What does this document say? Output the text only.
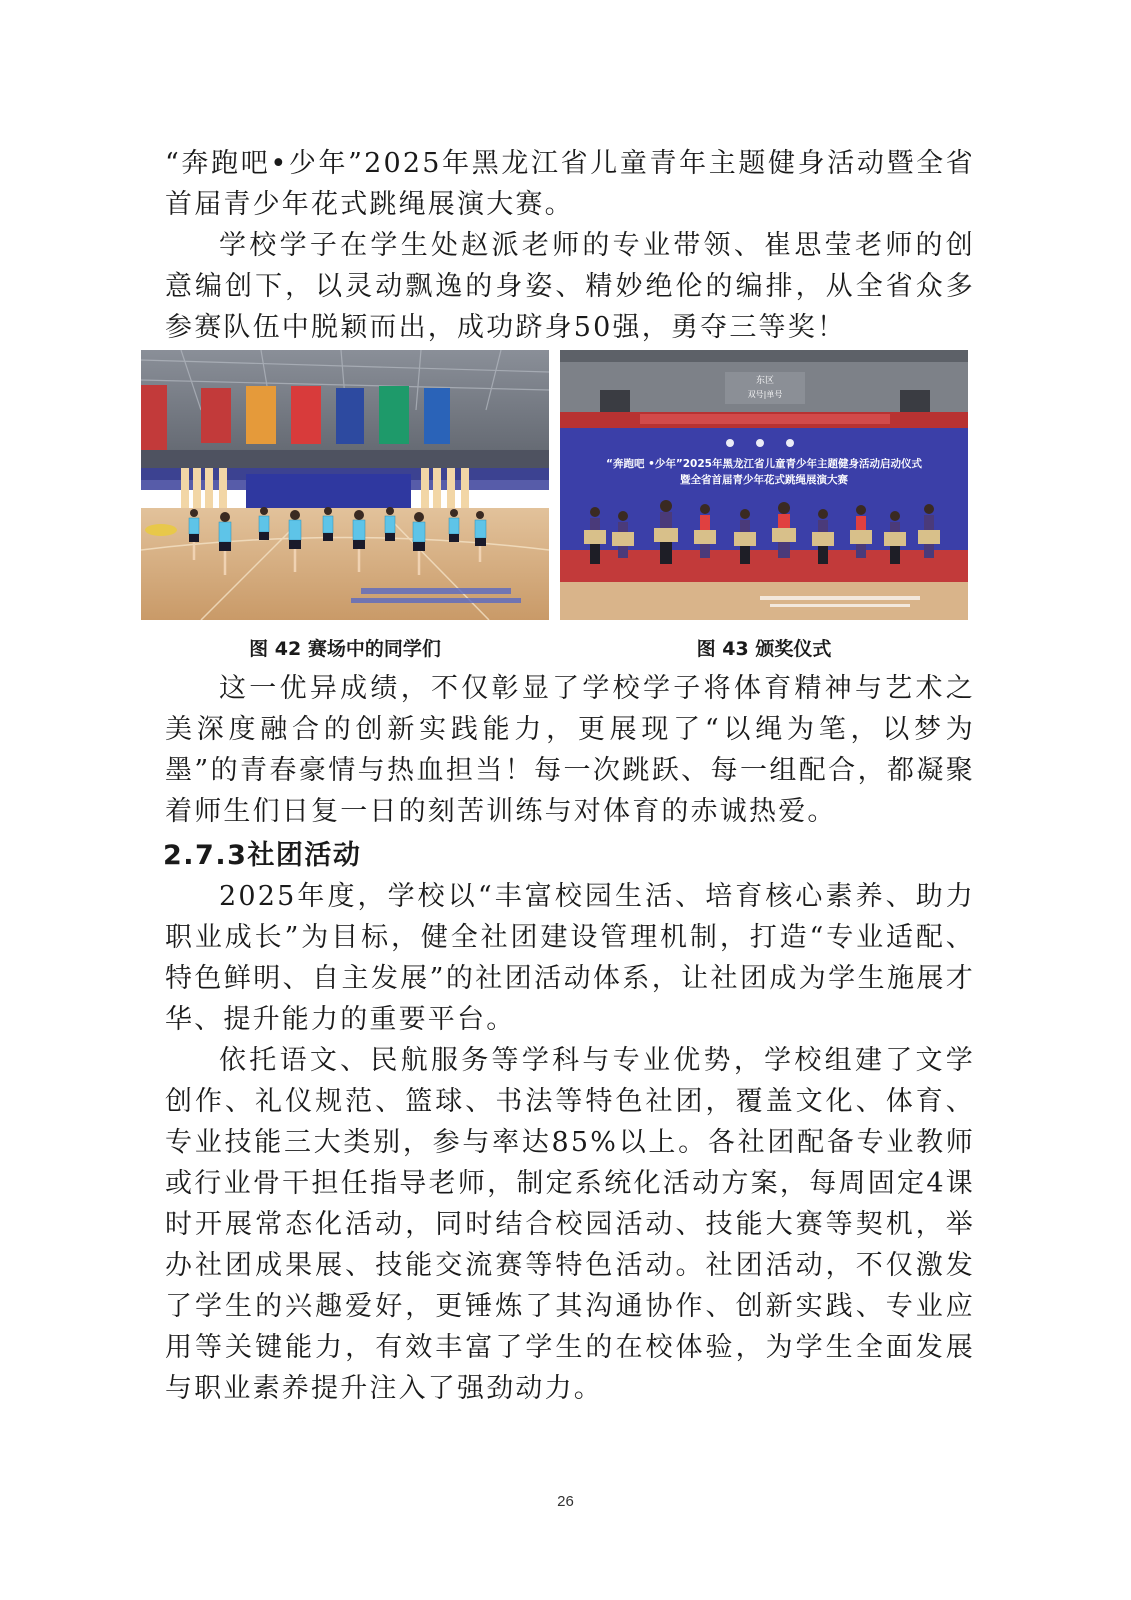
“奔跑吧•少年”2025年黑龙江省儿童青年主题健身活动暨全省首届青少年花式跳绳展演大赛。

学校学子在学生处赵派老师的专业带领、崔思莹老师的创意编创下，以灵动飘逸的身姿、精妙绝伦的编排，从全省众多参赛队伍中脱颖而出，成功跻身50强，勇夺三等奖！

东区
双号|单号
“奔跑吧 •少年”2025年黑龙江省儿童青少年主题健身活动启动仪式
暨全省首届青少年花式跳绳展演大赛
图 42 赛场中的同学们	图 43 颁奖仪式

这一优异成绩，不仅彰显了学校学子将体育精神与艺术之美深度融合的创新实践能力，更展现了“以绳为笔，以梦为墨”的青春豪情与热血担当！每一次跳跃、每一组配合，都凝聚着师生们日复一日的刻苦训练与对体育的赤诚热爱。

2.7.3社团活动

2025年度，学校以“丰富校园生活、培育核心素养、助力职业成长”为目标，健全社团建设管理机制，打造“专业适配、特色鲜明、自主发展”的社团活动体系，让社团成为学生施展才华、提升能力的重要平台。

依托语文、民航服务等学科与专业优势，学校组建了文学创作、礼仪规范、篮球、书法等特色社团，覆盖文化、体育、专业技能三大类别，参与率达85%以上。各社团配备专业教师或行业骨干担任指导老师，制定系统化活动方案，每周固定4课时开展常态化活动，同时结合校园活动、技能大赛等契机，举办社团成果展、技能交流赛等特色活动。社团活动，不仅激发了学生的兴趣爱好，更锤炼了其沟通协作、创新实践、专业应用等关键能力，有效丰富了学生的在校体验，为学生全面发展与职业素养提升注入了强劲动力。

26
